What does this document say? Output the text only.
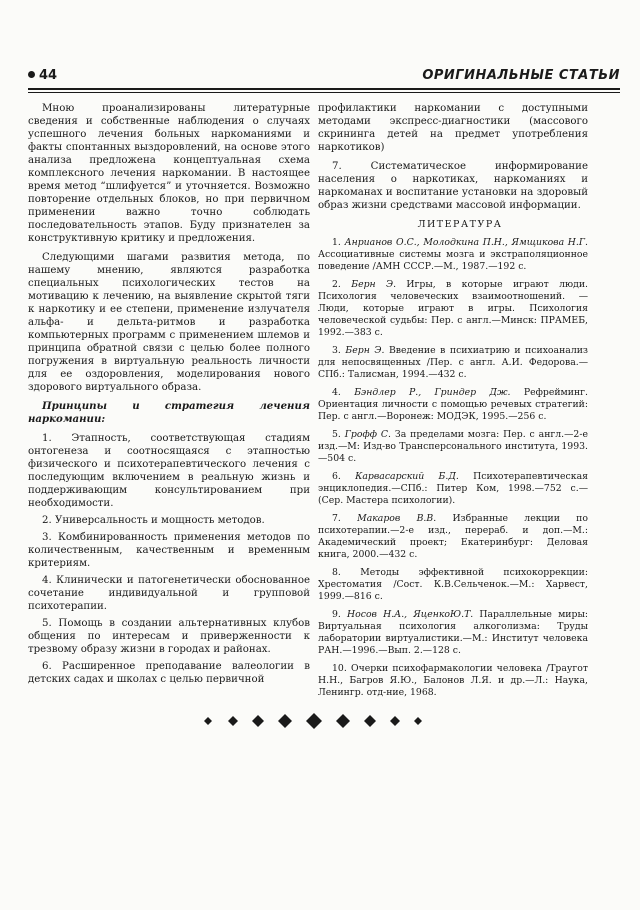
44	ОРИГИНАЛЬНЫЕ СТАТЬИ

Мною проанализированы литературные сведения и собственные наблюдения о случаях успешного лечения больных наркоманиями и факты спонтанных выздоровлений, на основе этого анализа предложена концептуальная схема комплексного лечения наркомании. В настоящее время метод “шлифуется” и уточняется. Возможно повторение отдельных блоков, но при первичном применении важно точно соблюдать последовательность этапов. Буду признателен за конструктивную критику и предложения.

Следующими шагами развития метода, по нашему мнению, являются разработка специальных психологических тестов на мотивацию к лечению, на выявление скрытой тяги к наркотику и ее степени, применение излучателя альфа- и дельта-ритмов и разработка компьютерных программ с применением шлемов и принципа обратной связи с целью более полного погружения в виртуальную реальность личности для ее оздоровления, моделирования нового здорового виртуального образа.

Принципы и стратегия лечения наркомании:

1. Этапность, соответствующая стадиям онтогенеза и соотносящаяся с этапностью физического и психотерапевтического лечения с последующим включением в реальную жизнь и поддерживающим консультированием при необходимости.

2. Универсальность и мощность методов.

3. Комбинированность применения методов по количественным, качественным и временным критериям.

4. Клинически и патогенетически обоснованное сочетание индивидуальной и групповой психотерапии.

5. Помощь в создании альтернативных клубов общения по интересам и приверженности к трезвому образу жизни в городах и районах.

6. Расширенное преподавание валеологии в детских садах и школах с целью первичной

профилактики наркомании с доступными методами экспресс-диагностики (массового скрининга детей на предмет употребления наркотиков)

7. Систематическое информирование населения о наркотиках, наркоманиях и наркоманах и воспитание установки на здоровый образ жизни средствами массовой информации.

ЛИТЕРАТУРА

1. Анрианов О.С., Молодкина П.Н., Ямщикова Н.Г. Ассоциативные системы мозга и экстраполяционное поведение /АМН СССР.—М., 1987.—192 с.

2. Берн Э. Игры, в которые играют люди. Психология человеческих взаимоотношений. — Люди, которые играют в игры. Психология человеческой судьбы: Пер. с англ.—Минск: ПРАМЕБ, 1992.—383 с.

3. Берн Э. Введение в психиатрию и психоанализ для непосвященных /Пер. с англ. А.И. Федорова.—СПб.: Талисман, 1994.—432 с.

4. Бэндлер Р., Гриндер Дж. Рефрейминг. Ориентация личности с помощью речевых стратегий: Пер. с англ.—Воронеж: МОДЭК, 1995.—256 с.

5. Грофф С. За пределами мозга: Пер. с англ.—2-е изд.—М: Изд-во Трансперсонального института, 1993.—504 с.

6. Карвасарский Б.Д. Психотерапевтическая энциклопедия.—СПб.: Питер Ком, 1998.—752 с.—(Сер. Мастера психологии).

7. Макаров В.В. Избранные лекции по психотерапии.—2-е изд., перераб. и доп.—М.: Академический проект; Екатеринбург: Деловая книга, 2000.—432 с.

8. Методы эффективной психокоррекции: Хрестоматия /Сост. К.В.Сельченок.—М.: Харвест, 1999.—816 с.

9. Носов Н.А., ЯценкоЮ.Т. Параллельные миры: Виртуальная психология алкоголизма: Труды лаборатории виртуалистики.—М.: Институт человека РАН.—1996.—Вып. 2.—128 с.

10. Очерки психофармакологии человека /Траугот Н.Н., Багров Я.Ю., Балонов Л.Я. и др.—Л.: Наука, Ленингр. отд-ние, 1968.
